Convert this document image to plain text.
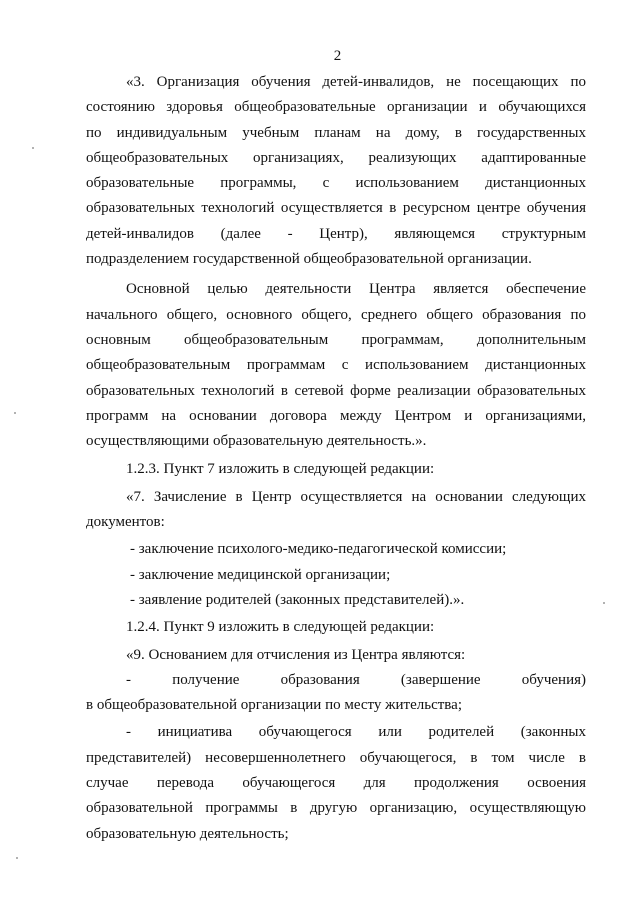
2
«3. Организация обучения детей-инвалидов, не посещающих по
состоянию здоровья общеобразовательные организации и обучающихся
по индивидуальным учебным планам на дому, в государственных
общеобразовательных организациях, реализующих адаптированные
образовательные программы, с использованием дистанционных
образовательных технологий осуществляется в ресурсном центре обучения
детей-инвалидов (далее - Центр), являющемся структурным
подразделением государственной общеобразовательной организации.
Основной целью деятельности Центра является обеспечение
начального общего, основного общего, среднего общего образования по
основным общеобразовательным программам, дополнительным
общеобразовательным программам с использованием дистанционных
образовательных технологий в сетевой форме реализации образовательных
программ на основании договора между Центром и организациями,
осуществляющими образовательную деятельность.».
1.2.3. Пункт 7 изложить в следующей редакции:
«7. Зачисление в Центр осуществляется на основании следующих
документов:
- заключение психолого-медико-педагогической комиссии;
- заключение медицинской организации;
- заявление родителей (законных представителей).».
1.2.4. Пункт 9 изложить в следующей редакции:
«9. Основанием для отчисления из Центра являются:
- получение образования (завершение обучения)
в общеобразовательной организации по месту жительства;
- инициатива обучающегося или родителей (законных
представителей) несовершеннолетнего обучающегося, в том числе в
случае перевода обучающегося для продолжения освоения
образовательной программы в другую организацию, осуществляющую
образовательную деятельность;
